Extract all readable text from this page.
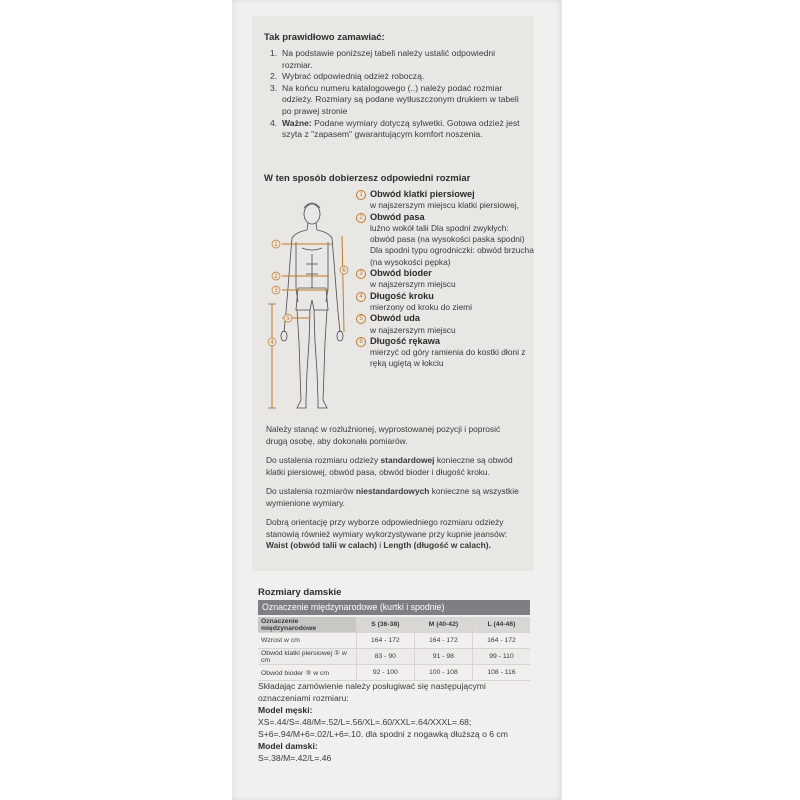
Tak prawidłowo zamawiać:
1. Na podstawie poniższej tabeli należy ustalić odpowiedni rozmiar.
2. Wybrać odpowiednią odzież roboczą.
3. Na końcu numeru katalogowego (..) należy podać rozmiar odzieży. Rozmiary są podane wytłuszczonym drukiem w tabeli po prawej stronie
4. Ważne: Podane wymiary dotyczą sylwetki. Gotowa odzież jest szyta z "zapasem" gwarantującym komfort noszenia.
W ten sposób dobierzesz odpowiedni rozmiar
1
2
3
4
5
6
1 Obwód klatki piersiowej
w najszerszym miejscu klatki piersiowej,
2 Obwód pasa
luźno wokół talii Dla spodni zwykłych: obwód pasa (na wysokości paska spodni) Dla spodni typu ogrodniczki: obwód brzucha (na wysokości pępka)
3 Obwód bioder
w najszerszym miejscu
4 Długość kroku
mierzony od kroku do ziemi
5 Obwód uda
w najszerszym miejscu
6 Długość rękawa
mierzyć od góry ramienia do kostki dłoni z ręką ugiętą w łokciu

Należy stanąć w rozluźnionej, wyprostowanej pozycji i poprosić drugą osobę, aby dokonała pomiarów.

Do ustalenia rozmiaru odzieży standardowej konieczne są obwód klatki piersiowej, obwód pasa, obwód bioder i długość kroku.

Do ustalenia rozmiarów niestandardowych konieczne są wszystkie wymienione wymiary.

Dobrą orientację przy wyborze odpowiedniego rozmiaru odzieży stanowią również wymiary wykorzystywane przy kupnie jeansów: Waist (obwód talii w calach) i Length (długość w calach).

Rozmiary damskie
Oznaczenie międzynarodowe (kurtki i spodnie)
Oznaczenie międzynarodowe	S (36-38)	M (40-42)	L (44-46)
Wzrost w cm	164 - 172	164 - 172	164 - 172
Obwód klatki piersiowej ① w cm	83 - 90	91 - 98	99 - 110
Obwód bioder ③ w cm	92 - 100	100 - 108	108 - 116
Składając zamówienie należy posługiwać się następującymi oznaczeniami rozmiaru:
Model męski:
XS=.44/S=.48/M=.52/L=.56/XL=.60/XXL=.64/XXXL=.68;
S+6=.94/M+6=.02/L+6=.10. dla spodni z nogawką dłuższą o 6 cm
Model damski:
S=.38/M=.42/L=.46
